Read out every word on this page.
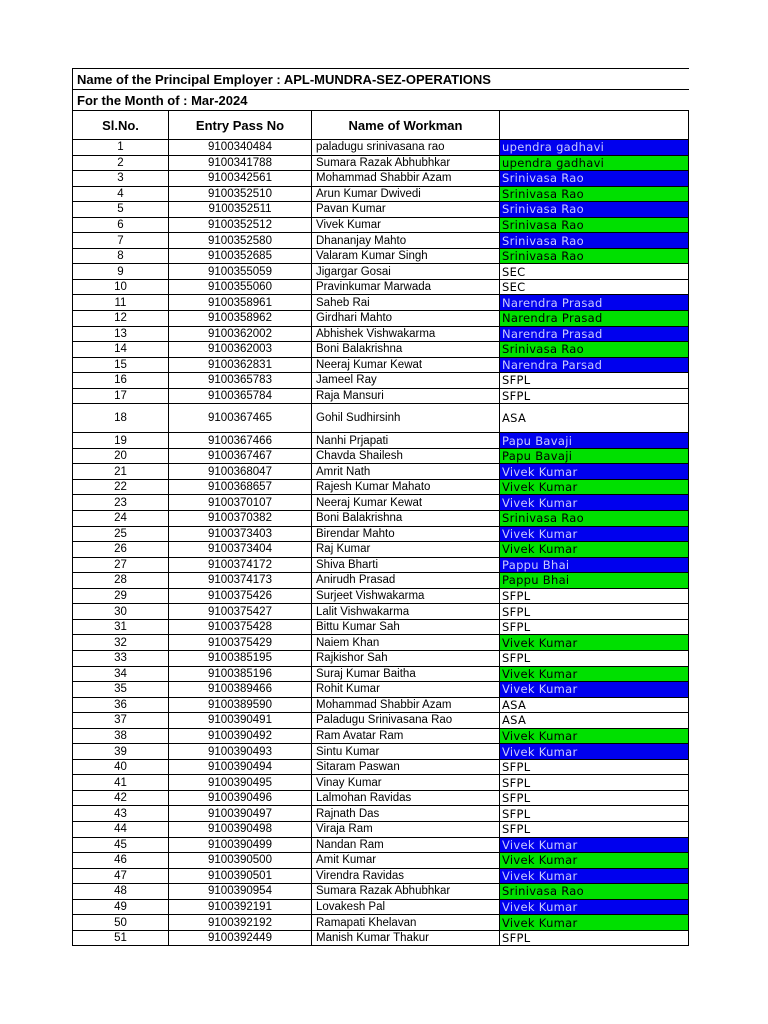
Name of the Principal Employer : APL-MUNDRA-SEZ-OPERATIONS			
For the Month of : Mar-2024			
Sl.No.	Entry Pass No	Name of Workman	
1	9100340484	paladugu srinivasana rao	upendra gadhavi
2	9100341788	Sumara Razak Abhubhkar	upendra gadhavi
3	9100342561	Mohammad Shabbir Azam	Srinivasa Rao
4	9100352510	Arun Kumar Dwivedi	Srinivasa Rao
5	9100352511	Pavan Kumar	Srinivasa Rao
6	9100352512	Vivek Kumar	Srinivasa Rao
7	9100352580	Dhananjay Mahto	Srinivasa Rao
8	9100352685	Valaram Kumar Singh	Srinivasa Rao
9	9100355059	Jigargar Gosai	SEC
10	9100355060	Pravinkumar Marwada	SEC
11	9100358961	Saheb Rai	Narendra Prasad
12	9100358962	Girdhari Mahto	Narendra Prasad
13	9100362002	Abhishek Vishwakarma	Narendra Prasad
14	9100362003	Boni Balakrishna	Srinivasa Rao
15	9100362831	Neeraj Kumar Kewat	Narendra Parsad
16	9100365783	Jameel Ray	SFPL
17	9100365784	Raja Mansuri	SFPL
18	9100367465	Gohil Sudhirsinh	ASA
19	9100367466	Nanhi Prjapati	Papu Bavaji
20	9100367467	Chavda Shailesh	Papu Bavaji
21	9100368047	Amrit Nath	Vivek Kumar
22	9100368657	Rajesh Kumar Mahato	Vivek Kumar
23	9100370107	Neeraj Kumar Kewat	Vivek Kumar
24	9100370382	Boni Balakrishna	Srinivasa Rao
25	9100373403	Birendar Mahto	Vivek Kumar
26	9100373404	Raj Kumar	Vivek Kumar
27	9100374172	Shiva Bharti	Pappu Bhai
28	9100374173	Anirudh Prasad	Pappu Bhai
29	9100375426	Surjeet Vishwakarma	SFPL
30	9100375427	Lalit Vishwakarma	SFPL
31	9100375428	Bittu Kumar Sah	SFPL
32	9100375429	Naiem Khan	Vivek Kumar
33	9100385195	Rajkishor Sah	SFPL
34	9100385196	Suraj Kumar Baitha	Vivek Kumar
35	9100389466	Rohit Kumar	Vivek Kumar
36	9100389590	Mohammad Shabbir Azam	ASA
37	9100390491	Paladugu Srinivasana Rao	ASA
38	9100390492	Ram Avatar Ram	Vivek Kumar
39	9100390493	Sintu Kumar	Vivek Kumar
40	9100390494	Sitaram Paswan	SFPL
41	9100390495	Vinay Kumar	SFPL
42	9100390496	Lalmohan Ravidas	SFPL
43	9100390497	Rajnath Das	SFPL
44	9100390498	Viraja Ram	SFPL
45	9100390499	Nandan Ram	Vivek Kumar
46	9100390500	Amit Kumar	Vivek Kumar
47	9100390501	Virendra Ravidas	Vivek Kumar
48	9100390954	Sumara Razak Abhubhkar	Srinivasa Rao
49	9100392191	Lovakesh Pal	Vivek Kumar
50	9100392192	Ramapati Khelavan	Vivek Kumar
51	9100392449	Manish Kumar Thakur	SFPL
